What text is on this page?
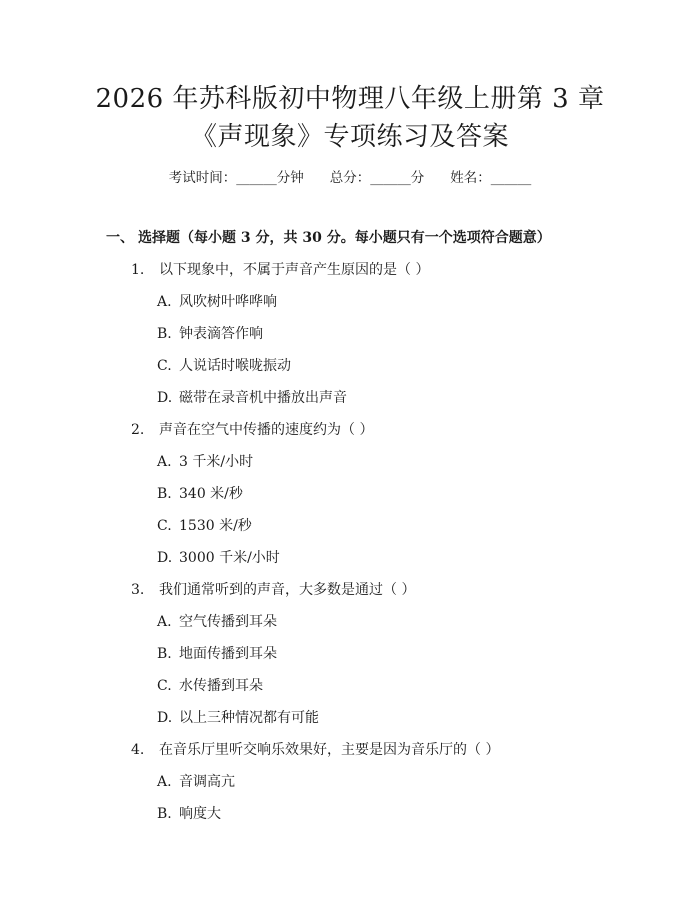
2026 年苏科版初中物理八年级上册第 3 章
《声现象》专项练习及答案
考试时间：______分钟 总分：______分 姓名：______
一、 选择题（每小题 3 分，共 30 分。每小题只有一个选项符合题意）
1. 以下现象中，不属于声音产生原因的是（ ）
A. 风吹树叶哗哗响
B. 钟表滴答作响
C. 人说话时喉咙振动
D. 磁带在录音机中播放出声音
2. 声音在空气中传播的速度约为（ ）
A. 3 千米/小时
B. 340 米/秒
C. 1530 米/秒
D. 3000 千米/小时
3. 我们通常听到的声音，大多数是通过（ ）
A. 空气传播到耳朵
B. 地面传播到耳朵
C. 水传播到耳朵
D. 以上三种情况都有可能
4. 在音乐厅里听交响乐效果好，主要是因为音乐厅的（ ）
A. 音调高亢
B. 响度大
